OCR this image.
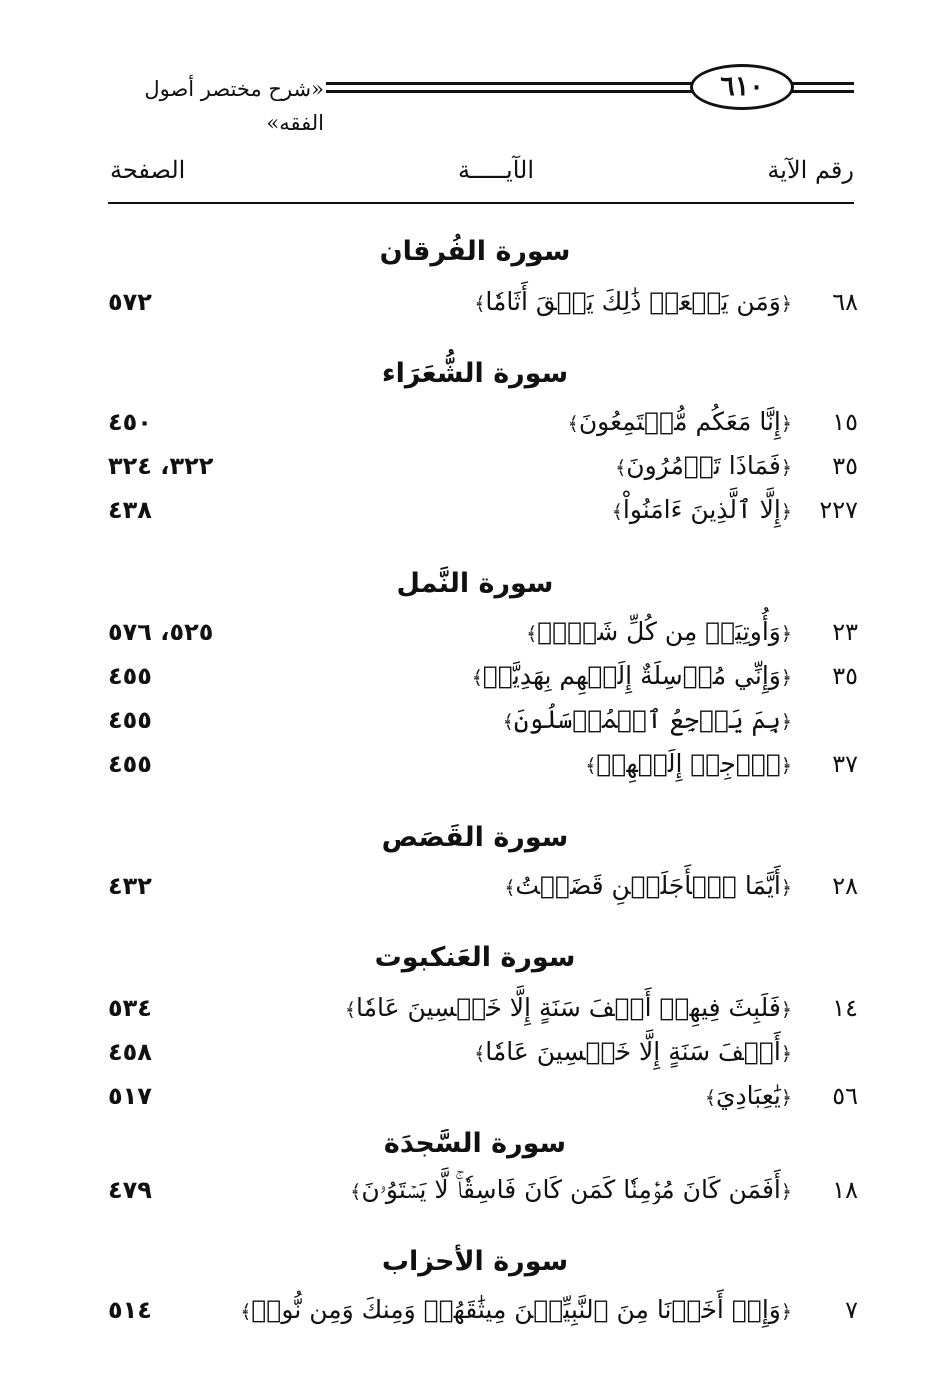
«شرح مختصر أصول الفقه»
٦١٠
رقم الآية
الآيـــــة
الصفحة
سورة الفُرقان
٦٨
﴿وَمَن يَفۡعَلۡ ذَٰلِكَ يَلۡقَ أَثَامٗا﴾
٥٧٢
سورة الشُّعَرَاء
١٥
﴿إِنَّا مَعَكُم مُّسۡتَمِعُونَ﴾
٤٥٠
٣٥
﴿فَمَاذَا تَأۡمُرُونَ﴾
٣٢٢، ٣٢٤
٢٢٧
﴿إِلَّا ٱلَّذِينَ ءَامَنُواْ﴾
٤٣٨
سورة النَّمل
٢٣
﴿وَأُوتِيَتۡ مِن كُلِّ شَيۡءٖ﴾
٥٢٥، ٥٧٦
٣٥
﴿وَإِنِّي مُرۡسِلَةٌ إِلَيۡهِم بِهَدِيَّةٖ﴾
٤٥٥
﴿بِمَ يَرۡجِعُ ٱلۡمُرۡسَلُونَ﴾
٤٥٥
٣٧
﴿ٱرۡجِعۡ إِلَيۡهِمۡ﴾
٤٥٥
سورة القَصَص
٢٨
﴿أَيَّمَا ٱلۡأَجَلَيۡنِ قَضَيۡتُ﴾
٤٣٢
سورة العَنكبوت
١٤
﴿فَلَبِثَ فِيهِمۡ أَلۡفَ سَنَةٍ إِلَّا خَمۡسِينَ عَامٗا﴾
٥٣٤
﴿أَلۡفَ سَنَةٍ إِلَّا خَمۡسِينَ عَامٗا﴾
٤٥٨
٥٦
﴿يَٰعِبَادِيَ﴾
٥١٧
سورة السَّجدَة
١٨
﴿أَفَمَن كَانَ مُؤۡمِنٗا كَمَن كَانَ فَاسِقٗاۚ لَّا يَسۡتَوُۥنَ﴾
٤٧٩
سورة الأحزاب
٧
﴿وَإِذۡ أَخَذۡنَا مِنَ ٱلنَّبِيِّـۧنَ مِيثَٰقَهُمۡ وَمِنكَ وَمِن نُّوحٖ﴾
٥١٤
